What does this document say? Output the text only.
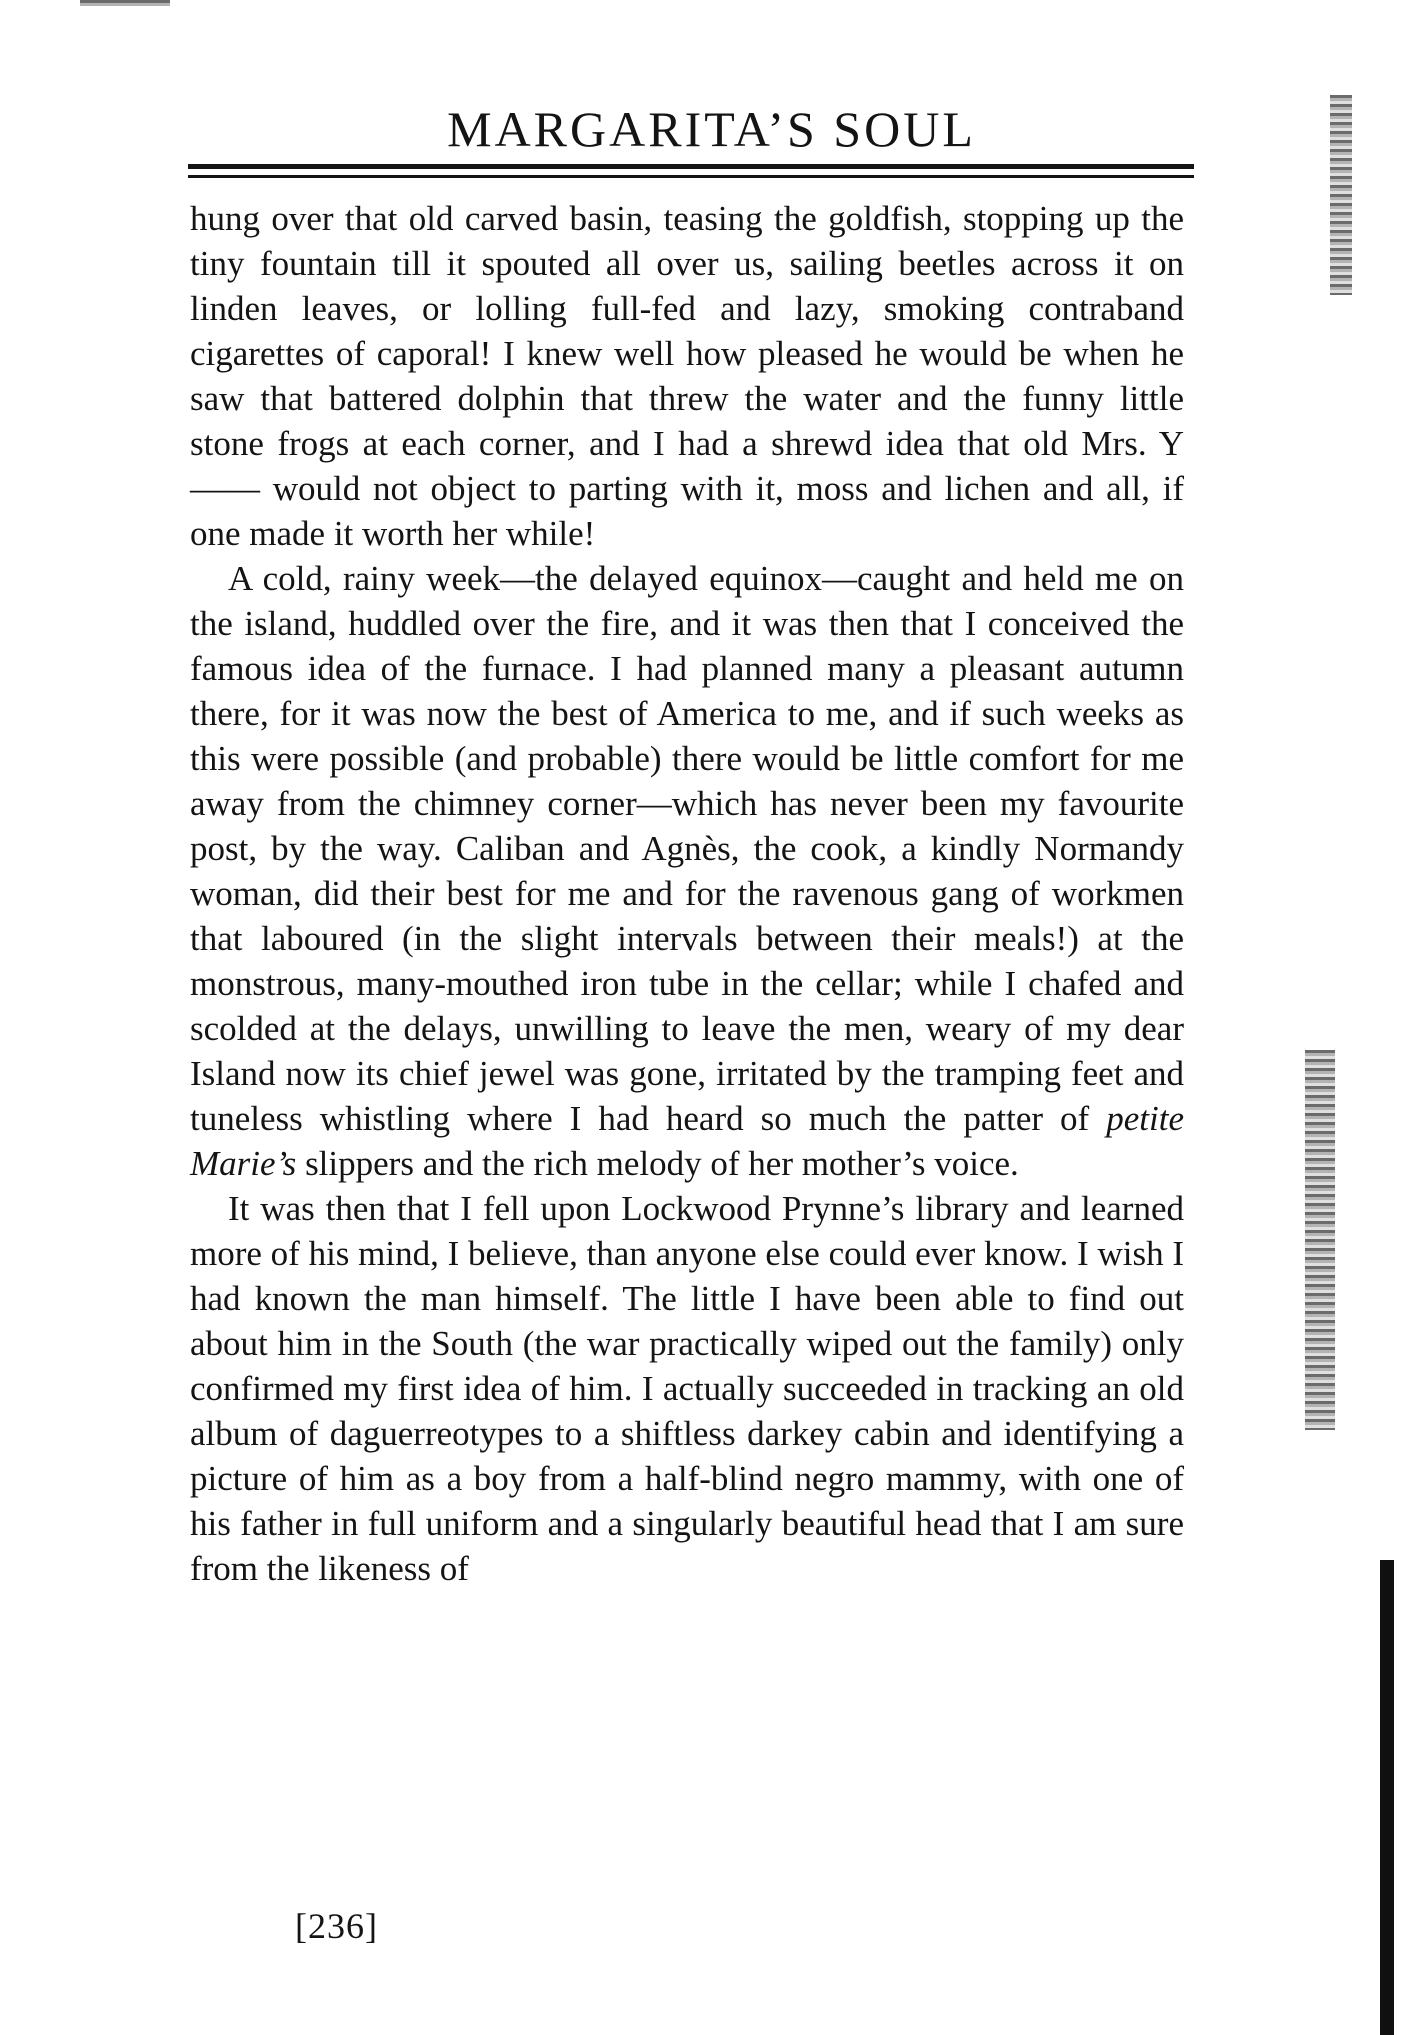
MARGARITA’S SOUL

hung over that old carved basin, teasing the goldfish, stopping up the tiny fountain till it spouted all over us, sailing beetles across it on linden leaves, or lolling full-fed and lazy, smoking contraband cigarettes of caporal! I knew well how pleased he would be when he saw that battered dolphin that threw the water and the funny little stone frogs at each corner, and I had a shrewd idea that old Mrs. Y—— would not object to parting with it, moss and lichen and all, if one made it worth her while!

A cold, rainy week—the delayed equinox—caught and held me on the island, huddled over the fire, and it was then that I conceived the famous idea of the furnace. I had planned many a pleasant autumn there, for it was now the best of America to me, and if such weeks as this were possible (and probable) there would be little comfort for me away from the chimney corner—which has never been my favourite post, by the way. Caliban and Agnès, the cook, a kindly Normandy woman, did their best for me and for the ravenous gang of workmen that laboured (in the slight intervals between their meals!) at the monstrous, many-mouthed iron tube in the cellar; while I chafed and scolded at the delays, unwilling to leave the men, weary of my dear Island now its chief jewel was gone, irritated by the tramping feet and tuneless whistling where I had heard so much the patter of petite Marie’s slippers and the rich melody of her mother’s voice.

It was then that I fell upon Lockwood Prynne’s library and learned more of his mind, I believe, than anyone else could ever know. I wish I had known the man himself. The little I have been able to find out about him in the South (the war practically wiped out the family) only confirmed my first idea of him. I actually succeeded in tracking an old album of daguerreotypes to a shiftless darkey cabin and identifying a picture of him as a boy from a half-blind negro mammy, with one of his father in full uniform and a singularly beautiful head that I am sure from the likeness of

[236]
